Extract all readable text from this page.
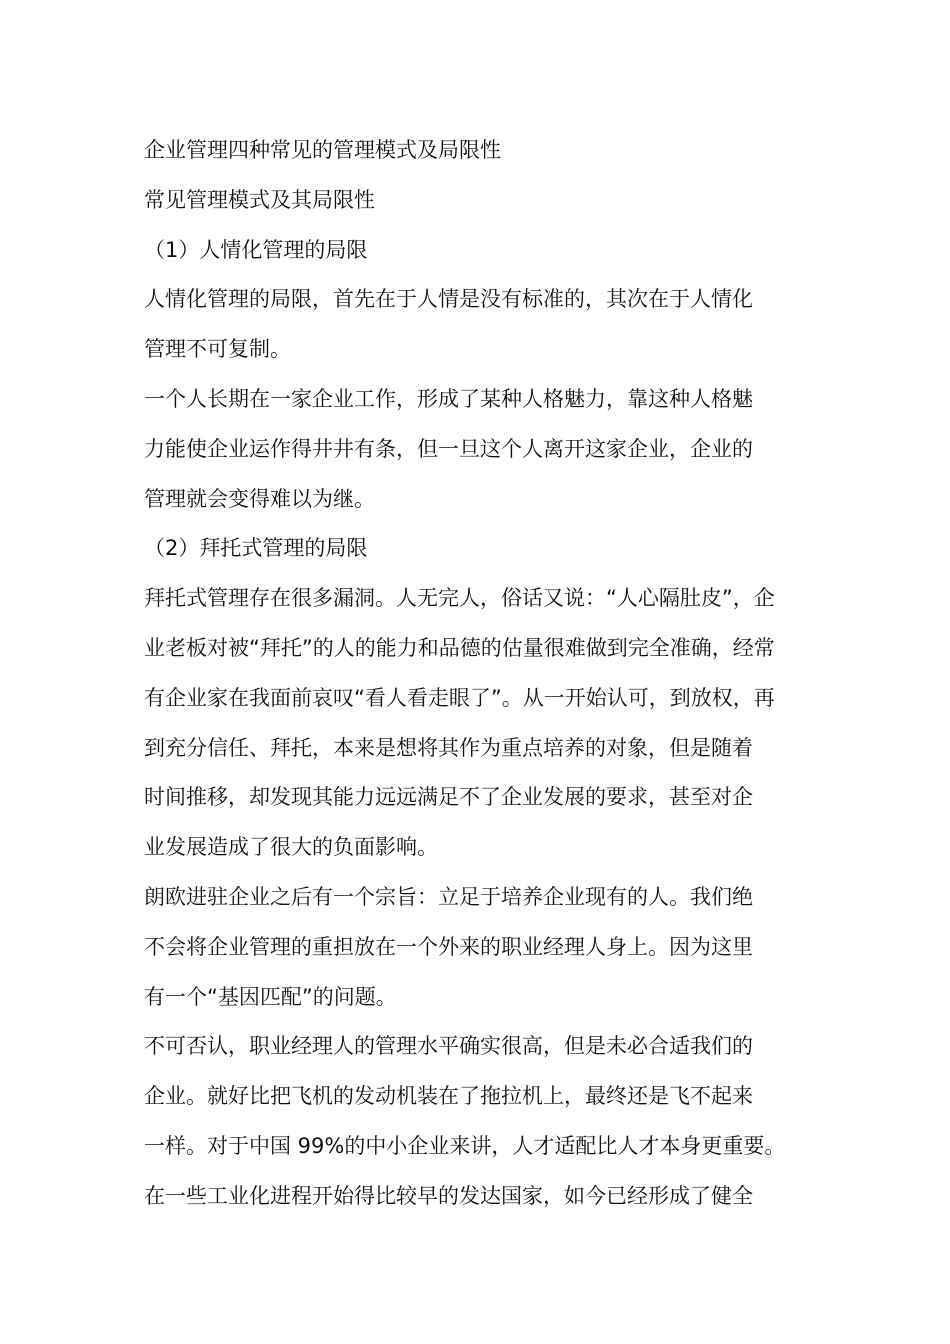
企业管理四种常见的管理模式及局限性
常见管理模式及其局限性
（1）人情化管理的局限
人情化管理的局限，首先在于人情是没有标准的，其次在于人情化
管理不可复制。
一个人长期在一家企业工作，形成了某种人格魅力，靠这种人格魅
力能使企业运作得井井有条，但一旦这个人离开这家企业，企业的
管理就会变得难以为继。
（2）拜托式管理的局限
拜托式管理存在很多漏洞。人无完人，俗话又说：“人心隔肚皮”，企
业老板对被“拜托”的人的能力和品德的估量很难做到完全准确，经常
有企业家在我面前哀叹“看人看走眼了”。从一开始认可，到放权，再
到充分信任、拜托，本来是想将其作为重点培养的对象，但是随着
时间推移，却发现其能力远远满足不了企业发展的要求，甚至对企
业发展造成了很大的负面影响。
朗欧进驻企业之后有一个宗旨：立足于培养企业现有的人。我们绝
不会将企业管理的重担放在一个外来的职业经理人身上。因为这里
有一个“基因匹配”的问题。
不可否认，职业经理人的管理水平确实很高，但是未必合适我们的
企业。就好比把飞机的发动机装在了拖拉机上，最终还是飞不起来
一样。对于中国 99%的中小企业来讲，人才适配比人才本身更重要。
在一些工业化进程开始得比较早的发达国家，如今已经形成了健全
